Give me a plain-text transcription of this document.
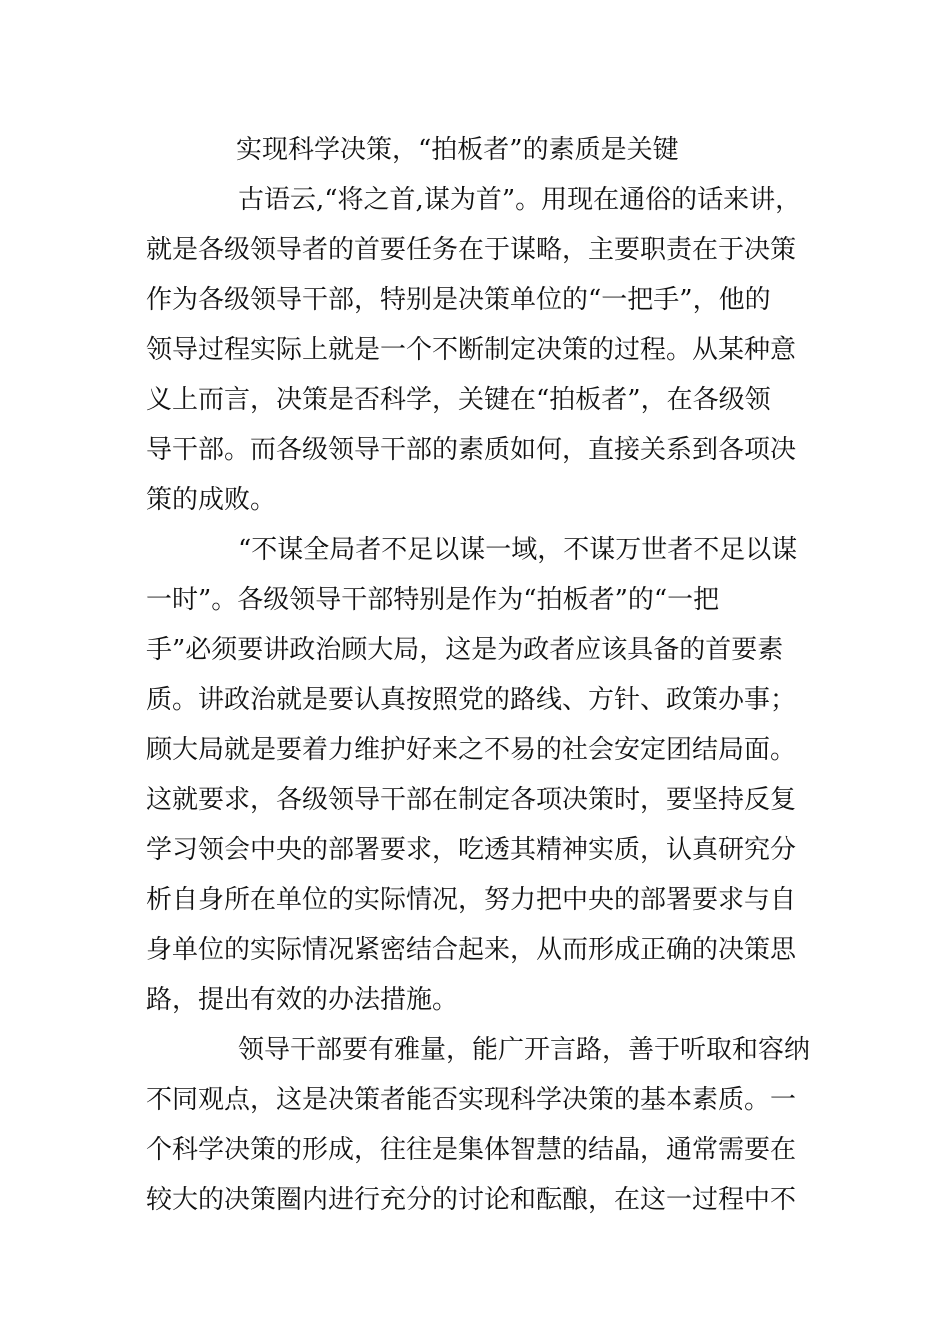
实现科学决策，“拍板者”的素质是关键
古语云,“将之首,谋为首”。用现在通俗的话来讲，
就是各级领导者的首要任务在于谋略，主要职责在于决策
作为各级领导干部，特别是决策单位的“一把手”，他的
领导过程实际上就是一个不断制定决策的过程。从某种意
义上而言，决策是否科学，关键在“拍板者”，在各级领
导干部。而各级领导干部的素质如何，直接关系到各项决
策的成败。
“不谋全局者不足以谋一域，不谋万世者不足以谋
一时”。各级领导干部特别是作为“拍板者”的“一把
手”必须要讲政治顾大局，这是为政者应该具备的首要素
质。讲政治就是要认真按照党的路线、方针、政策办事；
顾大局就是要着力维护好来之不易的社会安定团结局面。
这就要求，各级领导干部在制定各项决策时，要坚持反复
学习领会中央的部署要求，吃透其精神实质，认真研究分
析自身所在单位的实际情况，努力把中央的部署要求与自
身单位的实际情况紧密结合起来，从而形成正确的决策思
路，提出有效的办法措施。
领导干部要有雅量，能广开言路，善于听取和容纳
不同观点，这是决策者能否实现科学决策的基本素质。一
个科学决策的形成，往往是集体智慧的结晶，通常需要在
较大的决策圈内进行充分的讨论和酝酿，在这一过程中不
